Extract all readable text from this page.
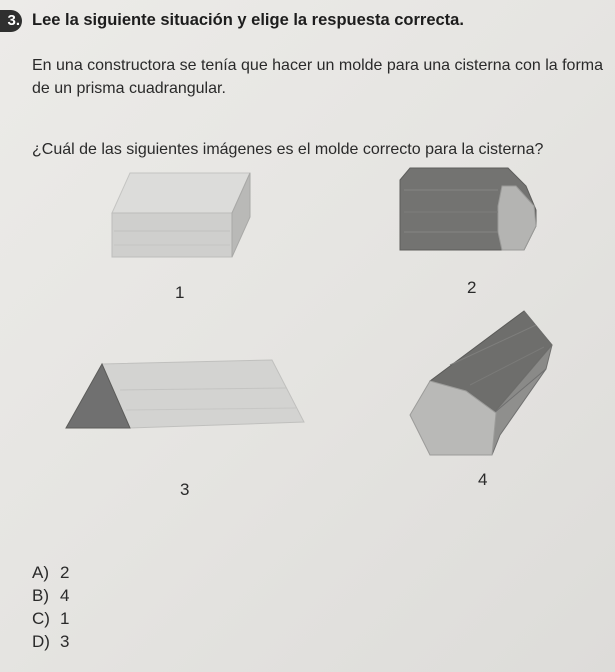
3. Lee la siguiente situación y elige la respuesta correcta.
En una constructora se tenía que hacer un molde para una cisterna con la forma de un prisma cuadrangular.
¿Cuál de las siguientes imágenes es el molde correcto para la cisterna?
1	2
3
4
A) 2
B) 4
C) 1
D) 3
